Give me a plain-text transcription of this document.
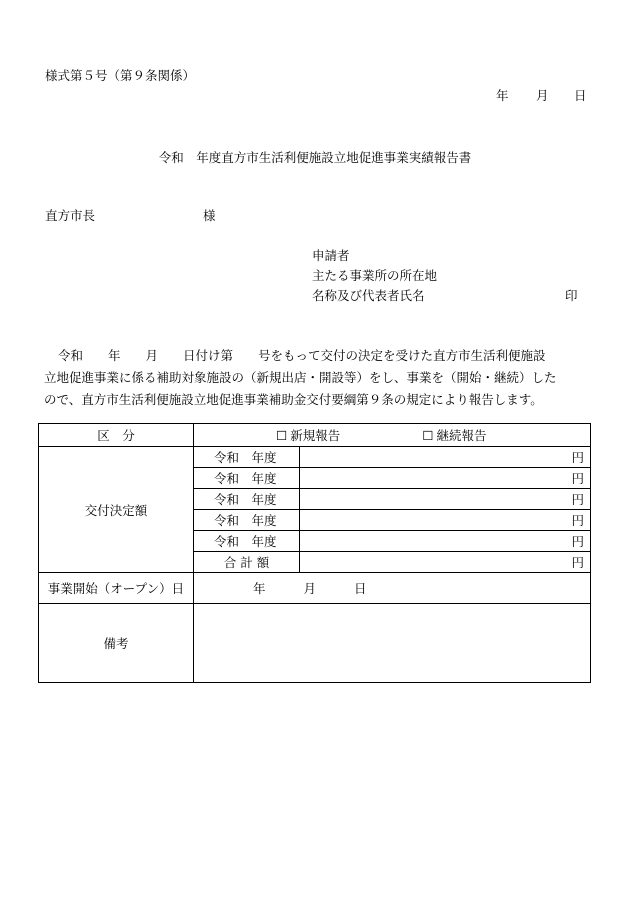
様式第５号（第９条関係）
年 月 日
令和　年度直方市生活利便施設立地促進事業実績報告書
直方市長	様
申請者
主たる事業所の所在地
名称及び代表者氏名	印

令和　　年　　月　　日付け第　　号をもって交付の決定を受けた直方市生活利便施設

立地促進事業に係る補助対象施設の（新規出店・開設等）をし、事業を（開始・継続）した

ので、直方市生活利便施設立地促進事業補助金交付要綱第９条の規定により報告します。

区　分	☐ 新規報告 ☐ 継続報告	
交付決定額	令和　年度	円
	令和　年度	円
	令和　年度	円
	令和　年度	円
	令和　年度	円
	合 計 額	円
事業開始（オープン）日	年 月 日	
備考		
